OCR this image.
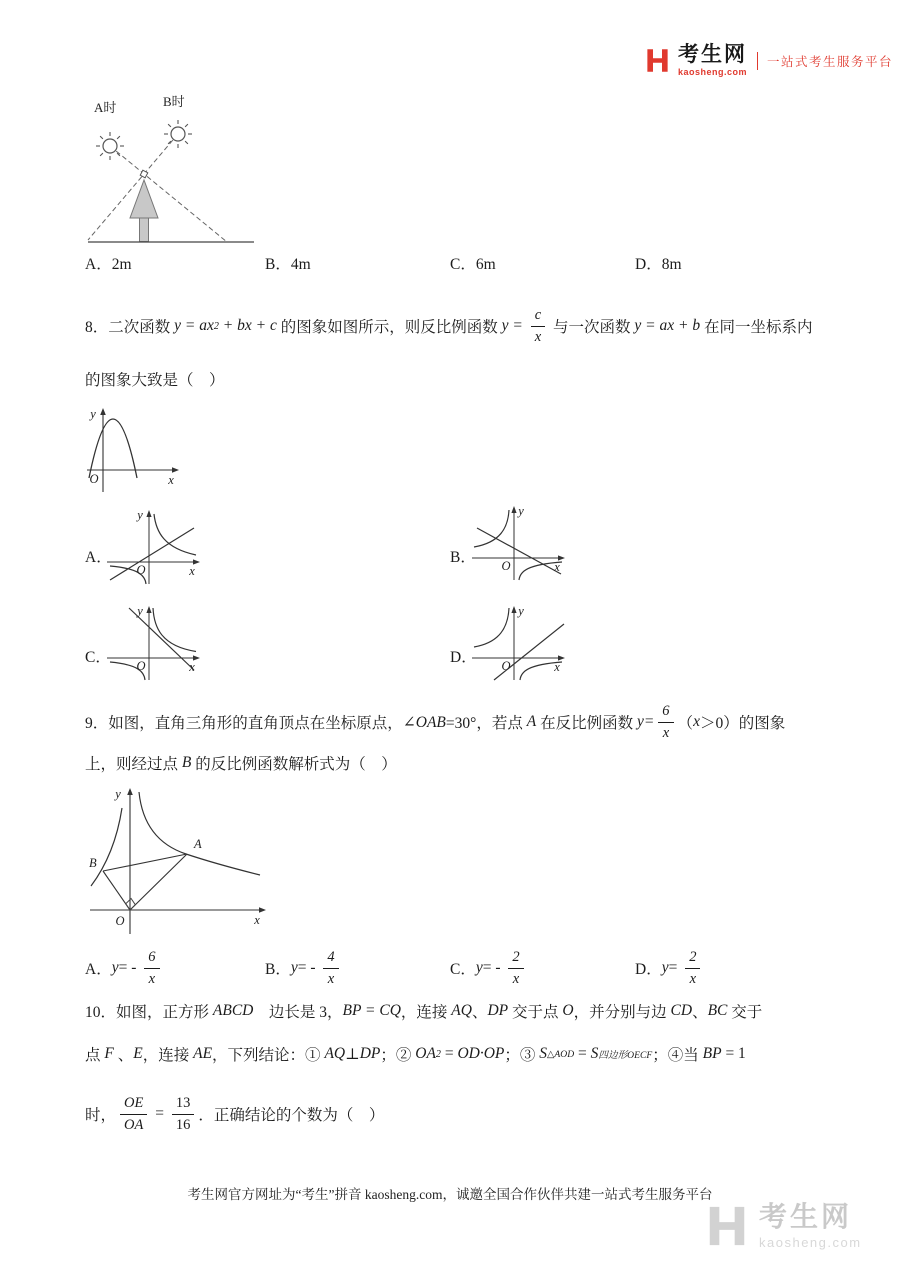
考生网
kaosheng.com
一站式考生服务平台
A时	B时
A．2m	B．4m	C．6m	D．8m
8．二次函数 y = ax 2 + bx + c 的图象如图所示，则反比例函数 $y = \frac{c}{x}$ 与一次函数 y = ax + b 在同一坐标系内
的图象大致是（　）
O	x
y
A．	B．
C．	D．
O	x
y
O	x
y
O	x
y
O	x
y
9．如图，直角三角形的直角顶点在坐标原点， ∠OAB =30°，若点 A 在反比例函数 $y= \frac{6}{x}$ （ x ＞0）的图象
上，则经过点 B 的反比例函数解析式为（　）
O	x
y
A
B
A． y = - $\frac{6}{x}$	B． y = - $\frac{4}{x}$	C． y = - $\frac{2}{x}$	D． $y = \frac{2}{x}$
10．如图，正方形 ABCD 　边长是 3， BP = CQ ，连接 AQ 、 DP 交于点 O ，并分别与边 CD 、 BC 交于
点 F 、 E ，连接 AE ，下列结论：① AQ ⊥ DP ；② OA 2 = OD·OP ；③ S △AOD = S 四边形OECF ；④当 BP = 1
时， $\frac{OE}{OA} = \frac{13}{16}$ ．正确结论的个数为（　）
考生网官方网址为“考生”拼音 kaosheng.com，诚邀全国合作伙伴共建一站式考生服务平台
考生网
kaosheng.com
